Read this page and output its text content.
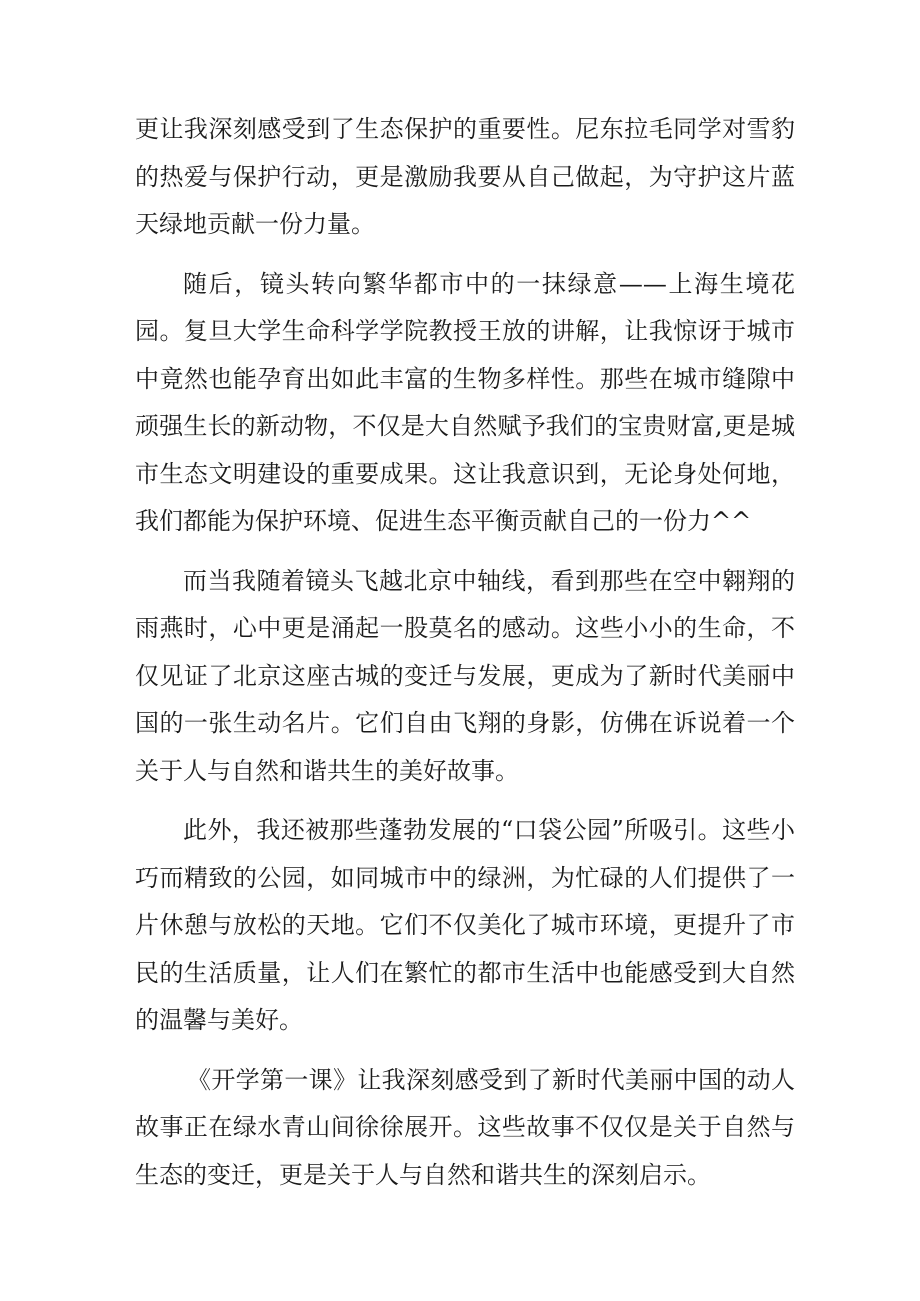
更让我深刻感受到了生态保护的重要性。尼东拉毛同学对雪豹的热爱与保护行动，更是激励我要从自己做起，为守护这片蓝天绿地贡献一份力量。

随后，镜头转向繁华都市中的一抹绿意——上海生境花园。复旦大学生命科学学院教授王放的讲解，让我惊讶于城市中竟然也能孕育出如此丰富的生物多样性。那些在城市缝隙中顽强生长的新动物，不仅是大自然赋予我们的宝贵财富,更是城市生态文明建设的重要成果。这让我意识到，无论身处何地，我们都能为保护环境、促进生态平衡贡献自己的一份力^^

而当我随着镜头飞越北京中轴线，看到那些在空中翱翔的雨燕时，心中更是涌起一股莫名的感动。这些小小的生命，不仅见证了北京这座古城的变迁与发展，更成为了新时代美丽中国的一张生动名片。它们自由飞翔的身影，仿佛在诉说着一个关于人与自然和谐共生的美好故事。

此外，我还被那些蓬勃发展的“口袋公园”所吸引。这些小巧而精致的公园，如同城市中的绿洲，为忙碌的人们提供了一片休憩与放松的天地。它们不仅美化了城市环境，更提升了市民的生活质量，让人们在繁忙的都市生活中也能感受到大自然的温馨与美好。

《开学第一课》让我深刻感受到了新时代美丽中国的动人故事正在绿水青山间徐徐展开。这些故事不仅仅是关于自然与生态的变迁，更是关于人与自然和谐共生的深刻启示。
